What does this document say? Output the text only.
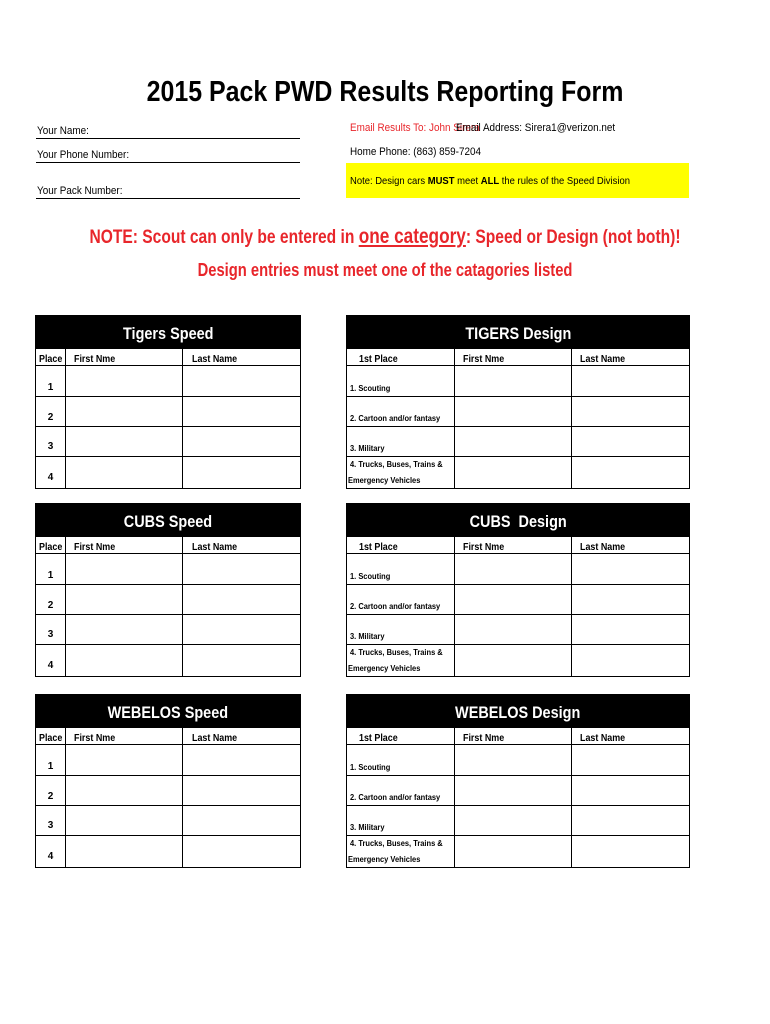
2015 Pack PWD Results Reporting Form
Your Name:
Your Phone Number:
Your Pack Number:
Email Results To: John Sirera
Email Address: Sirera1@verizon.net
Home Phone: (863) 859-7204
Note: Design cars MUST meet ALL the rules of the Speed Division
NOTE: Scout can only be entered in one category: Speed or Design (not both)!
Design entries must meet one of the catagories listed
Tigers Speed
Place First Nme	Last Name
1
2
3
4
TIGERS Design
1st Place	First Nme	Last Name
1. Scouting
2. Cartoon and/or fantasy
3. Military
4. Trucks, Buses, Trains &
Emergency Vehicles
CUBS Speed
Place First Nme	Last Name
1
2
3
4
CUBS  Design
1st Place	First Nme	Last Name
1. Scouting
2. Cartoon and/or fantasy
3. Military
4. Trucks, Buses, Trains &
Emergency Vehicles
WEBELOS Speed
Place First Nme	Last Name
1
2
3
4
WEBELOS Design
1st Place	First Nme	Last Name
1. Scouting
2. Cartoon and/or fantasy
3. Military
4. Trucks, Buses, Trains &
Emergency Vehicles
